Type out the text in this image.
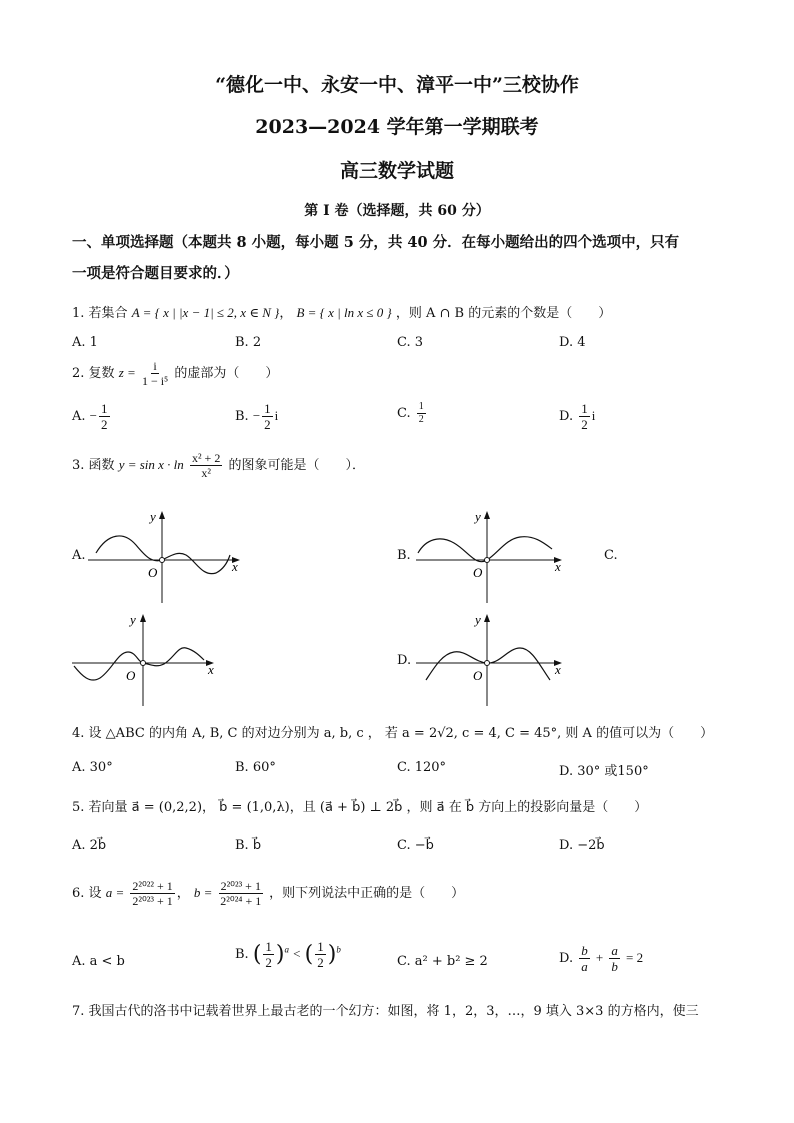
“德化一中、永安一中、漳平一中”三校协作
2023—2024 学年第一学期联考
高三数学试题
第 I 卷（选择题，共 60 分）
一、单项选择题（本题共 8 小题，每小题 5 分，共 40 分．在每小题给出的四个选项中，只有
一项是符合题目要求的．）
1. 若集合 A = { x | |x − 1| ≤ 2, x ∈ N }， B = { x | ln x ≤ 0 } ，则 A ∩ B 的元素的个数是（　　）
A. 1	B. 2	C. 3	D. 4
2. 复数 $z = \frac{i}{\text{1 − i⁵}}$ 的虚部为（　　）
A. − $\frac{1}{2}$	B. − $\frac{1}{2}$ i	C. $\frac{1}{2}$	D. $\frac{1}{2}$ i
3. 函数 $y = \sin x \cdot \ln \frac{\text{x² + 2}}{\text{x²}}$ 的图象可能是（　　）．
A.	B.	C.
D.
x
y
O	x
y
O
x
y
O	x
y
O
4. 设 △ABC 的内角 A, B, C 的对边分别为 a, b, c ， 若 a = 2√2, c = 4, C = 45°, 则 A 的值可以为（　　）
A. 30°	B. 60°	C. 120°	D. 30° 或150°
5. 若向量 a⃗ = (0,2,2)， b⃗ = (1,0,λ)，且 (a⃗ + b⃗) ⊥ 2b⃗ ，则 a⃗ 在 b⃗ 方向上的投影向量是（　　）
A. 2b⃗	B. b⃗	C. −b⃗	D. −2b⃗
6. 设 $a = \frac{\text{2²⁰²² + 1}}{\text{2²⁰²³ + 1}}$ ， $b = \frac{\text{2²⁰²³ + 1}}{\text{2²⁰²⁴ + 1}}$ ，则下列说法中正确的是（　　）
A. a < b	B. ( $\frac{1}{2} )^a$ < ( $\frac{1}{2} )^b$
C. a² + b² ≥ 2	D. $\frac{b}{a} + \frac{a}{b} = 2$
7. 我国古代的洛书中记载着世界上最古老的一个幻方：如图，将 1，2，3，…，9 填入 3×3 的方格内，使三
